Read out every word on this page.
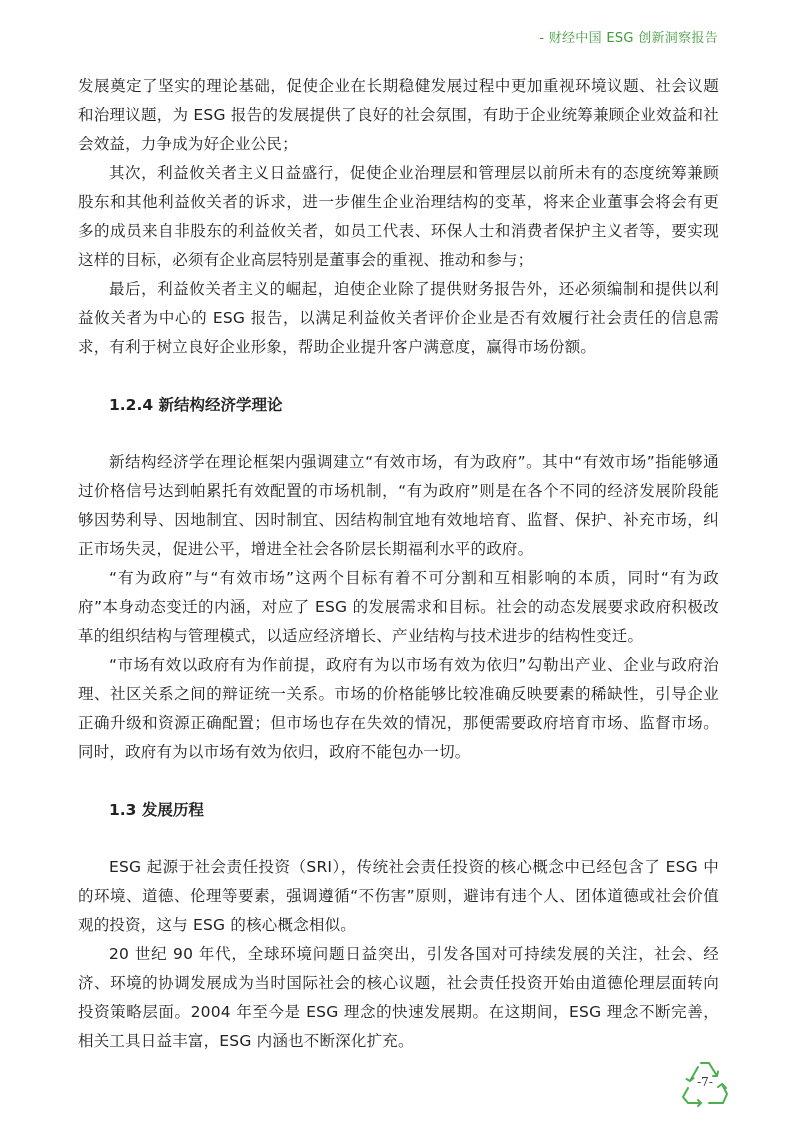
- 财经中国 ESG 创新洞察报告

发展奠定了坚实的理论基础，促使企业在长期稳健发展过程中更加重视环境议题、社会议题和治理议题，为 ESG 报告的发展提供了良好的社会氛围，有助于企业统筹兼顾企业效益和社会效益，力争成为好企业公民；

其次，利益攸关者主义日益盛行，促使企业治理层和管理层以前所未有的态度统筹兼顾股东和其他利益攸关者的诉求，进一步催生企业治理结构的变革，将来企业董事会将会有更多的成员来自非股东的利益攸关者，如员工代表、环保人士和消费者保护主义者等，要实现这样的目标，必须有企业高层特别是董事会的重视、推动和参与；

最后，利益攸关者主义的崛起，迫使企业除了提供财务报告外，还必须编制和提供以利益攸关者为中心的 ESG 报告，以满足利益攸关者评价企业是否有效履行社会责任的信息需求，有利于树立良好企业形象，帮助企业提升客户满意度，赢得市场份额。

1.2.4 新结构经济学理论

新结构经济学在理论框架内强调建立“有效市场，有为政府”。其中“有效市场”指能够通过价格信号达到帕累托有效配置的市场机制，“有为政府”则是在各个不同的经济发展阶段能够因势利导、因地制宜、因时制宜、因结构制宜地有效地培育、监督、保护、补充市场，纠正市场失灵，促进公平，增进全社会各阶层长期福利水平的政府。

“有为政府”与“有效市场”这两个目标有着不可分割和互相影响的本质，同时“有为政府”本身动态变迁的内涵，对应了 ESG 的发展需求和目标。社会的动态发展要求政府积极改革的组织结构与管理模式，以适应经济增长、产业结构与技术进步的结构性变迁。

“市场有效以政府有为作前提，政府有为以市场有效为依归”勾勒出产业、企业与政府治理、社区关系之间的辩证统一关系。市场的价格能够比较准确反映要素的稀缺性，引导企业正确升级和资源正确配置；但市场也存在失效的情况，那便需要政府培育市场、监督市场。同时，政府有为以市场有效为依归，政府不能包办一切。

1.3 发展历程

ESG 起源于社会责任投资（SRI），传统社会责任投资的核心概念中已经包含了 ESG 中的环境、道德、伦理等要素，强调遵循“不伤害”原则，避讳有违个人、团体道德或社会价值观的投资，这与 ESG 的核心概念相似。

20 世纪 90 年代，全球环境问题日益突出，引发各国对可持续发展的关注，社会、经济、环境的协调发展成为当时国际社会的核心议题，社会责任投资开始由道德伦理层面转向投资策略层面。2004 年至今是 ESG 理念的快速发展期。在这期间，ESG 理念不断完善，相关工具日益丰富，ESG 内涵也不断深化扩充。

-7-
